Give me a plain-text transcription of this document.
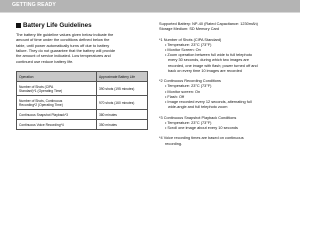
GETTING READY
Battery Life Guidelines
The battery life guideline values given below indicate the
amount of time under the conditions defined below the
table, until power automatically turns off due to battery
failure. They do not guarantee that the battery will provide
the amount of service indicated. Low temperatures and
continued use reduce battery life.
Operation	Approximate Battery Life

Number of Shots (CIPA
Standard)*1 (Operating Time)	390 shots (195 minutes)

Number of Shots, Continuous
Recording*2 (Operating Time)	970 shots (160 minutes)
Continuous Snapshot Playback*3	380 minutes
Continuous Voice Recording*4	350 minutes
Supported Battery: NP-40 (Rated Capacitance: 1230mAh)
Storage Medium: SD Memory Card
*1 Number of Shots (CIPA Standard)
• Temperature: 23°C (73°F)
• Monitor Screen: On
• Zoom operation between full wide to full telephoto
every 30 seconds, during which two images are
recorded, one image with flash; power turned off and
back on every time 10 images are recorded
*2 Continuous Recording Conditions
• Temperature: 23°C (73°F)
• Monitor screen: On
• Flash: Off
• Image recorded every 12 seconds, alternating full
wide-angle and full telephoto zoom
*3 Continuous Snapshot Playback Conditions
• Temperature: 23°C (73°F)
• Scroll one image about every 10 seconds
*4 Voice recording times are based on continuous
recording.
